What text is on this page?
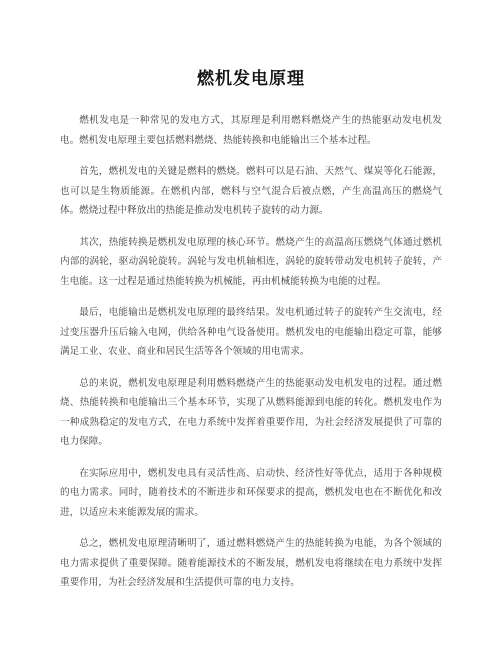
燃机发电原理

燃机发电是一种常见的发电方式，其原理是利用燃料燃烧产生的热能驱动发电机发电。燃机发电原理主要包括燃料燃烧、热能转换和电能输出三个基本过程。

首先，燃机发电的关键是燃料的燃烧。燃料可以是石油、天然气、煤炭等化石能源，也可以是生物质能源。在燃机内部，燃料与空气混合后被点燃，产生高温高压的燃烧气体。燃烧过程中释放出的热能是推动发电机转子旋转的动力源。

其次，热能转换是燃机发电原理的核心环节。燃烧产生的高温高压燃烧气体通过燃机内部的涡轮，驱动涡轮旋转。涡轮与发电机轴相连，涡轮的旋转带动发电机转子旋转，产生电能。这一过程是通过热能转换为机械能，再由机械能转换为电能的过程。

最后，电能输出是燃机发电原理的最终结果。发电机通过转子的旋转产生交流电，经过变压器升压后输入电网，供给各种电气设备使用。燃机发电的电能输出稳定可靠，能够满足工业、农业、商业和居民生活等各个领域的用电需求。

总的来说，燃机发电原理是利用燃料燃烧产生的热能驱动发电机发电的过程。通过燃烧、热能转换和电能输出三个基本环节，实现了从燃料能源到电能的转化。燃机发电作为一种成熟稳定的发电方式，在电力系统中发挥着重要作用，为社会经济发展提供了可靠的电力保障。

在实际应用中，燃机发电具有灵活性高、启动快、经济性好等优点，适用于各种规模的电力需求。同时，随着技术的不断进步和环保要求的提高，燃机发电也在不断优化和改进，以适应未来能源发展的需求。

总之，燃机发电原理清晰明了，通过燃料燃烧产生的热能转换为电能，为各个领域的电力需求提供了重要保障。随着能源技术的不断发展，燃机发电将继续在电力系统中发挥重要作用，为社会经济发展和生活提供可靠的电力支持。
